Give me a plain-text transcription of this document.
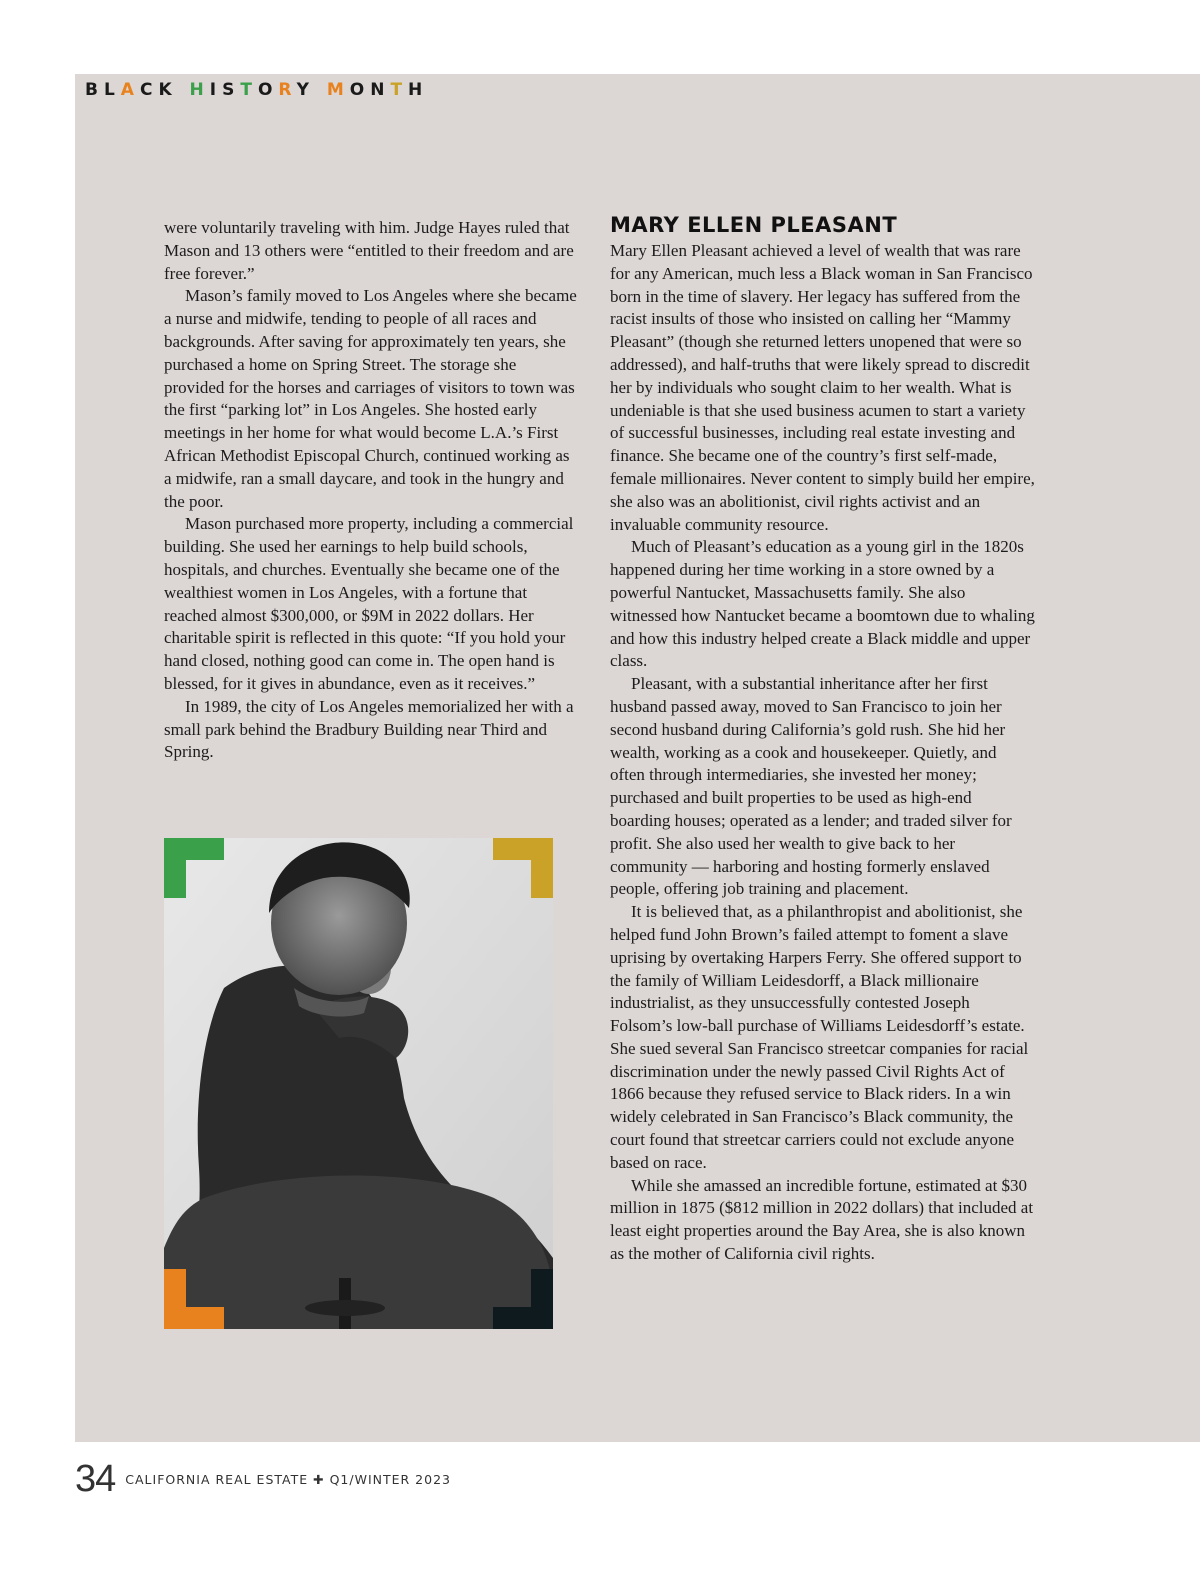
BLACK HISTORY MONTH

were voluntarily traveling with him. Judge Hayes ruled that Mason and 13 others were “entitled to their freedom and are free forever.”

Mason’s family moved to Los Angeles where she became a nurse and midwife, tending to people of all races and backgrounds. After saving for approximately ten years, she purchased a home on Spring Street. The storage she provided for the horses and carriages of visitors to town was the first “parking lot” in Los Angeles. She hosted early meetings in her home for what would become L.A.’s First African Methodist Episcopal Church, continued working as a midwife, ran a small daycare, and took in the hungry and the poor.

Mason purchased more property, including a commercial building. She used her earnings to help build schools, hospitals, and churches. Eventually she became one of the wealthiest women in Los Angeles, with a fortune that reached almost $300,000, or $9M in 2022 dollars. Her charitable spirit is reflected in this quote: “If you hold your hand closed, nothing good can come in. The open hand is blessed, for it gives in abundance, even as it receives.”

In 1989, the city of Los Angeles memorialized her with a small park behind the Bradbury Building near Third and Spring.

MARY ELLEN PLEASANT

Mary Ellen Pleasant achieved a level of wealth that was rare for any American, much less a Black woman in San Francisco born in the time of slavery. Her legacy has suffered from the racist insults of those who insisted on calling her “Mammy Pleasant” (though she returned letters unopened that were so addressed), and half-truths that were likely spread to discredit her by individuals who sought claim to her wealth. What is undeniable is that she used business acumen to start a variety of successful businesses, including real estate investing and finance. She became one of the country’s first self-made, female millionaires. Never content to simply build her empire, she also was an abolitionist, civil rights activist and an invaluable community resource.

Much of Pleasant’s education as a young girl in the 1820s happened during her time working in a store owned by a powerful Nantucket, Massachusetts family. She also witnessed how Nantucket became a boomtown due to whaling and how this industry helped create a Black middle and upper class.

Pleasant, with a substantial inheritance after her first husband passed away, moved to San Francisco to join her second husband during California’s gold rush. She hid her wealth, working as a cook and housekeeper. Quietly, and often through intermediaries, she invested her money; purchased and built properties to be used as high-end boarding houses; operated as a lender; and traded silver for profit. She also used her wealth to give back to her community — harboring and hosting formerly enslaved people, offering job training and placement.

It is believed that, as a philanthropist and abolitionist, she helped fund John Brown’s failed attempt to foment a slave uprising by overtaking Harpers Ferry. She offered support to the family of William Leidesdorff, a Black millionaire industrialist, as they unsuccessfully contested Joseph Folsom’s low-ball purchase of Williams Leidesdorff’s estate. She sued several San Francisco streetcar companies for racial discrimination under the newly passed Civil Rights Act of 1866 because they refused service to Black riders. In a win widely celebrated in San Francisco’s Black community, the court found that streetcar carriers could not exclude anyone based on race.

While she amassed an incredible fortune, estimated at $30 million in 1875 ($812 million in 2022 dollars) that included at least eight properties around the Bay Area, she is also known as the mother of California civil rights.

34 CALIFORNIA REAL ESTATE ✚ Q1/WINTER 2023
